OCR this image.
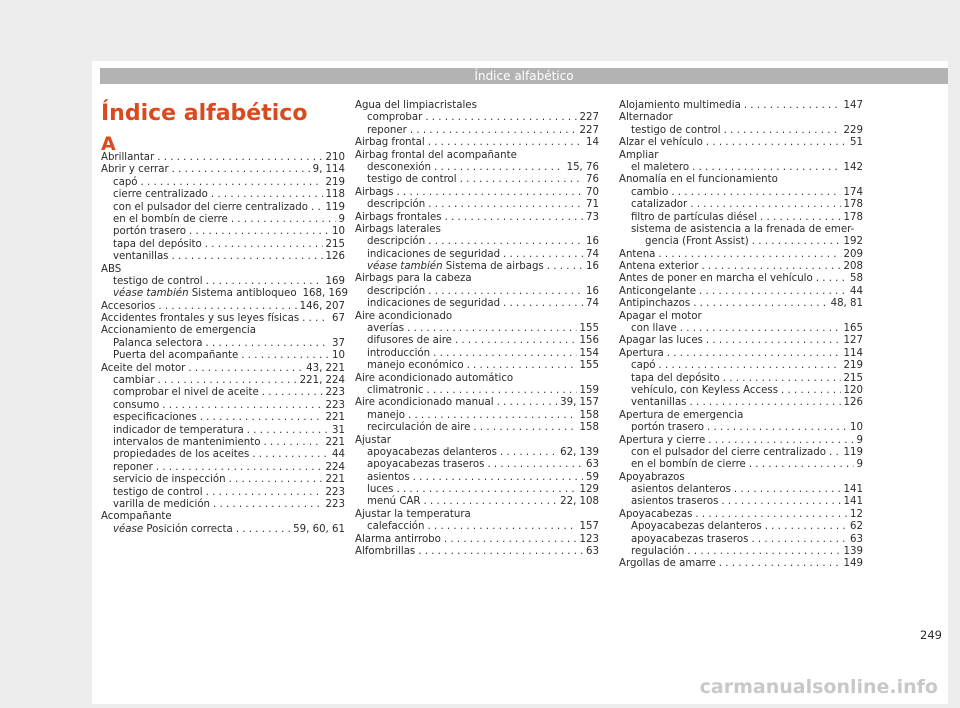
Índice alfabético
Índice alfabético
A
Abrillantar . . .	210
Abrir y cerrar . . .	9, 114
capó . . .	219
cierre centralizado . . .	118
con el pulsador del cierre centralizado . . . 119
en el bombín de cierre . . .	9
portón trasero . . .	10
tapa del depósito . . .	215
ventanillas . . .	126
ABS
testigo de control . . .	169
véase también Sistema antibloqueo 168, 169
Accesorios . . .	146, 207
Accidentes frontales y sus leyes físicas . . .	67
Accionamiento de emergencia
Palanca selectora . . .	37
Puerta del acompañante . . .	10
Aceite del motor . . .	43, 221
cambiar . . .	221, 224
comprobar el nivel de aceite . . .	223
consumo . . .	223
especificaciones . . .	221
indicador de temperatura . . .	31
intervalos de mantenimiento . . .	221
propiedades de los aceites . . .	44
reponer . . .	224
servicio de inspección . . .	221
testigo de control . . .	223
varilla de medición . . .	223
Acompañante
véase Posición correcta . . .	59, 60, 61
Agua del limpiacristales
comprobar . . .	227
reponer . . .	227
Airbag frontal . . .	14
Airbag frontal del acompañante
desconexión . . .	15, 76
testigo de control . . .	76
Airbags . . .	70
descripción . . .	71
Airbags frontales . . .	73
Airbags laterales
descripción . . .	16
indicaciones de seguridad . . .	74
véase también Sistema de airbags . . .	16
Airbags para la cabeza
descripción . . .	16
indicaciones de seguridad . . .	74
Aire acondicionado
averías . . .	155
difusores de aire . . .	156
introducción . . .	154
manejo económico . . .	155
Aire acondicionado automático
climatronic . . .	159
Aire acondicionado manual . . .	39, 157
manejo . . .	158
recirculación de aire . . .	158
Ajustar
apoyacabezas delanteros . . .	62, 139
apoyacabezas traseros . . .	63
asientos . . .	59
luces . . .	129
menú CAR . . .	22, 108
Ajustar la temperatura
calefacción . . .	157
Alarma antirrobo . . .	123
Alfombrillas . . .	63
Alojamiento multimedia . . .	147
Alternador
testigo de control . . .	229
Alzar el vehículo . . .	51
Ampliar
el maletero . . .	142
Anomalía en el funcionamiento
cambio . . .	174
catalizador . . .	178
filtro de partículas diésel . . .	178
sistema de asistencia a la frenada de emer-
gencia (Front Assist) . . .	192
Antena . . .	209
Antena exterior . . .	208
Antes de poner en marcha el vehículo . . .	58
Anticongelante . . .	44
Antipinchazos . . .	48, 81
Apagar el motor
con llave . . .	165
Apagar las luces . . .	127
Apertura . . .	114
capó . . .	219
tapa del depósito . . .	215
vehículo, con Keyless Access . . .	120
ventanillas . . .	126
Apertura de emergencia
portón trasero . . .	10
Apertura y cierre . . .	9
con el pulsador del cierre centralizado . . . 119
en el bombín de cierre . . .	9
Apoyabrazos
asientos delanteros . . .	141
asientos traseros . . .	141
Apoyacabezas . . .	12
Apoyacabezas delanteros . . .	62
apoyacabezas traseros . . .	63
regulación . . .	139
Argollas de amarre . . .	149
249
carmanualsonline.info
